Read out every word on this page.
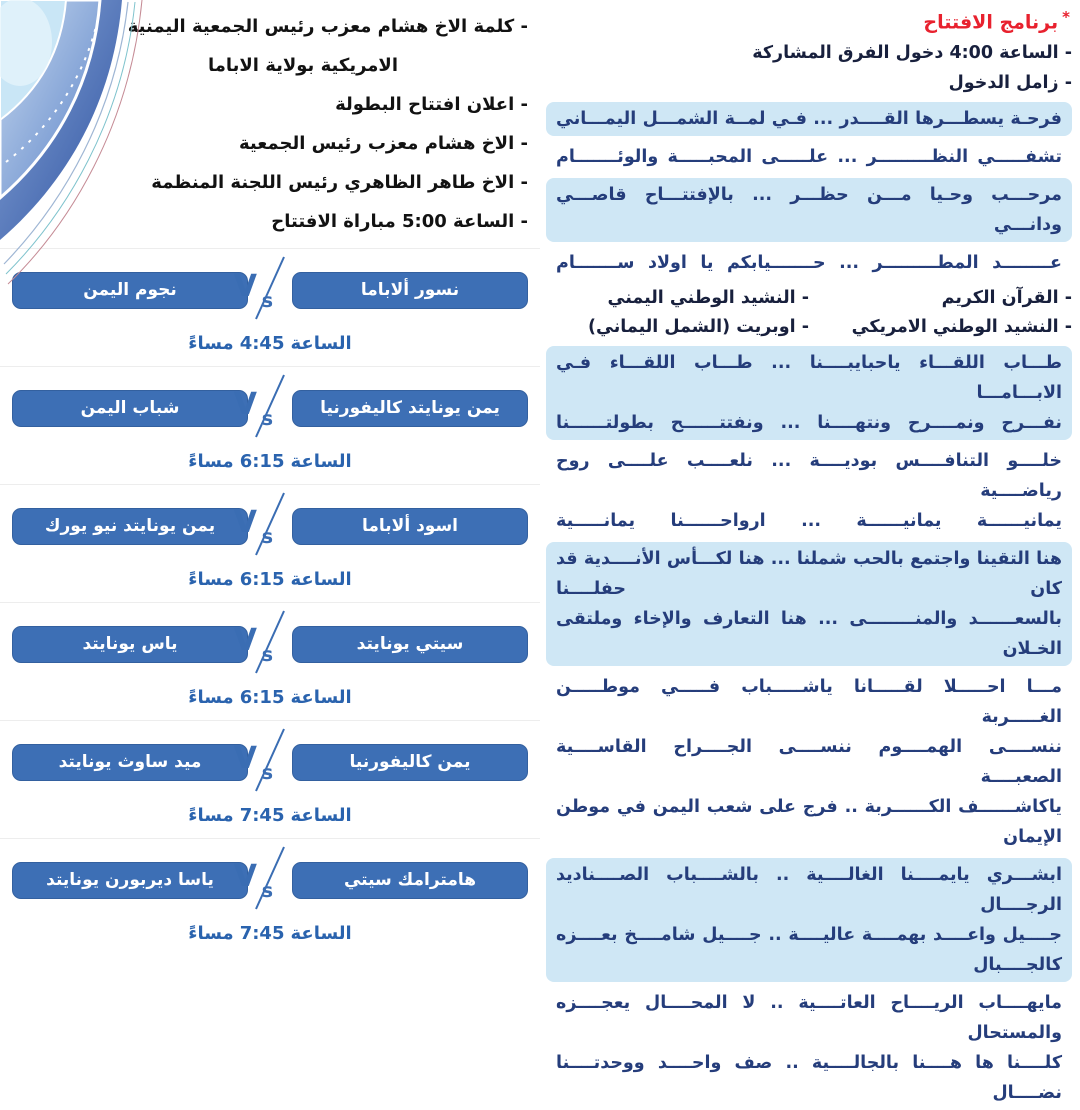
*برنامج الافتتاح
- الساعة 4:00 دخول الفرق المشاركة
- زامل الدخول
فرحـة يسطـــرها القــــدر ... فـي لمــة الشمـــل اليمـــاني
تشفـــــي النظـــــــــر ... علـــــى المحبـــــة والوئـــــــام
مرحـــب وحـيا مـــن حظـــر ... بالإفتتـــاح قاصـــي ودانـــي
عــــــــد المطـــــــــر ... حـــــــيابكم يا اولاد ســـــــام
- القرآن الكريم
- النشيد الوطني اليمني
- النشيد الوطني الامريكي
- اوبريت (الشمل اليماني)
طـــاب اللقـــاء ياحبايبــــنا ... طـــاب اللقـــاء فـي الابـــامـــا
نفـــرح ونمــــرح ونتهــــنا ... ونفتتــــــح بطولتــــــنا
خلــــو التنافــــس بوديــــة ... نلعــــب علــــى روح رياضــــية
يمانيــــــة يمانيــــــة ... ارواحــــــنا يمانـــــية
هنا التقينا واجتمع بالحب شملنا ... هنا لكـــأس الأنــــدية قد كان حفلــــنا
بالسعــــــد والمنــــــــى ... هنا التعارف والإخاء وملتقى الخـلان
مـــا احـــــلا لقـــــانا ياشـــــباب فـــــي موطـــــن الغـــــربة
ننســــى الهمــــوم ننســــى الجــــراح القاســــية الصعبــــة
ياكاشــــــف الكــــــربة .. فرج على شعب اليمن في موطن الإيمان
ابشـــري يايمــــنا الغالــــية .. بالشــــباب الصــــناديد الرجــــال
جــــيل واعــــد بهمــــة عاليــــة .. جــــيل شامــــخ بعــــزه كالجــــبال
مايهــــاب الريــــاح العاتــــية .. لا المحــــال يعجــــزه والمستحال
كلــــنا ها هــــنا بالجالــــية .. صف واحــــد ووحدتــــنا نضــــال
- كلمة الاخ هشام معزب رئيس الجمعية اليمنية
الامريكية بولاية الاباما
- اعلان افتتاح البطولة
- الاخ هشام معزب رئيس الجمعية
- الاخ طاهر الظاهري رئيس اللجنة المنظمة
- الساعة 5:00 مباراة الافتتاح
نسور ألاباما
V s
نجوم اليمن
الساعة4:45مساءً
يمن يونايتد كاليفورنيا
V s
شباب اليمن
الساعة6:15مساءً
اسود ألاباما
V s
يمن يونايتد نيو يورك
الساعة6:15مساءً
سيتي يونايتد
V s
ياس يونايتد
الساعة6:15مساءً
يمن كاليفورنيا
V s
ميد ساوث يونايتد
الساعة7:45مساءً
هامترامك سيتي
V s
ياسا ديربورن يونايتد
الساعة7:45مساءً
